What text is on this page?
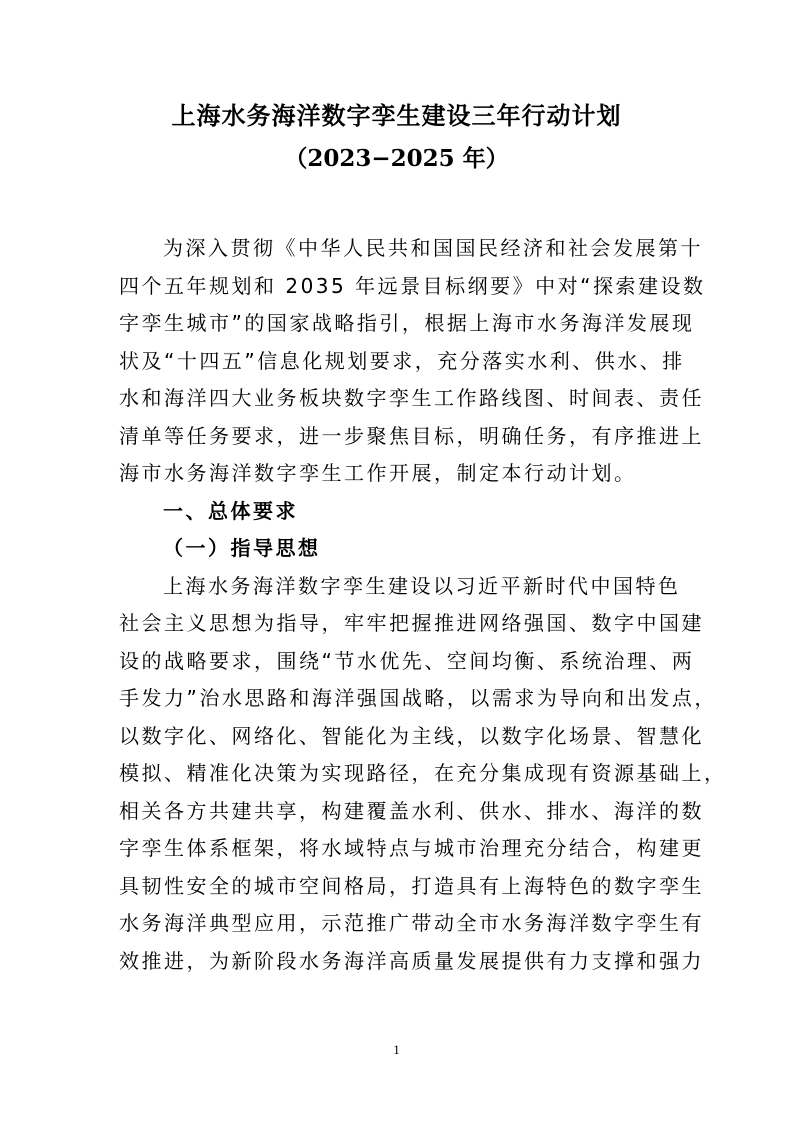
上海水务海洋数字孪生建设三年行动计划
（2023−2025 年）
为深入贯彻《中华人民共和国国民经济和社会发展第十
四个五年规划和 2035 年远景目标纲要》中对“探索建设数
字孪生城市”的国家战略指引，根据上海市水务海洋发展现
状及“十四五”信息化规划要求，充分落实水利、供水、排
水和海洋四大业务板块数字孪生工作路线图、时间表、责任
清单等任务要求，进一步聚焦目标，明确任务，有序推进上
海市水务海洋数字孪生工作开展，制定本行动计划。
一、总体要求
（一）指导思想
上海水务海洋数字孪生建设以习近平新时代中国特色
社会主义思想为指导，牢牢把握推进网络强国、数字中国建
设的战略要求，围绕“节水优先、空间均衡、系统治理、两
手发力”治水思路和海洋强国战略，以需求为导向和出发点，
以数字化、网络化、智能化为主线，以数字化场景、智慧化
模拟、精准化决策为实现路径，在充分集成现有资源基础上，
相关各方共建共享，构建覆盖水利、供水、排水、海洋的数
字孪生体系框架，将水域特点与城市治理充分结合，构建更
具韧性安全的城市空间格局，打造具有上海特色的数字孪生
水务海洋典型应用，示范推广带动全市水务海洋数字孪生有
效推进，为新阶段水务海洋高质量发展提供有力支撑和强力
1
